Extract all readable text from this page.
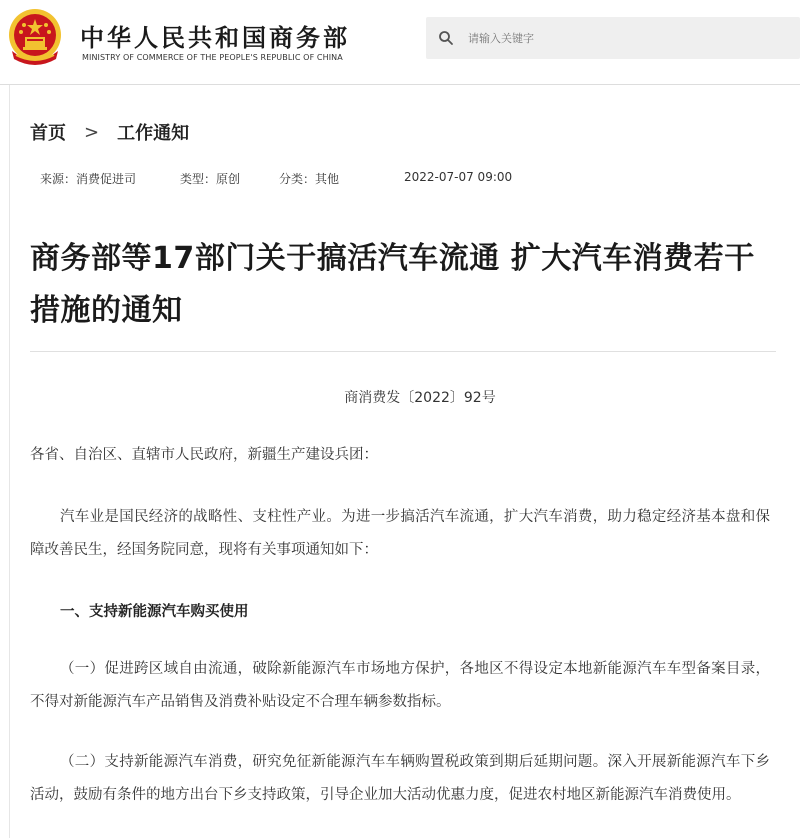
中华人民共和国商务部
MINISTRY OF COMMERCE OF THE PEOPLE'S REPUBLIC OF CHINA
请输入关键字
首页 > 工作通知
来源：消费促进司	类型：原创	分类：其他	2022-07-07 09:00
商务部等17部门关于搞活汽车流通 扩大汽车消费若干措施的通知
商消费发〔2022〕92号

各省、自治区、直辖市人民政府，新疆生产建设兵团：

汽车业是国民经济的战略性、支柱性产业。为进一步搞活汽车流通，扩大汽车消费，助力稳定经济基本盘和保障改善民生，经国务院同意，现将有关事项通知如下：

一、支持新能源汽车购买使用

（一）促进跨区域自由流通，破除新能源汽车市场地方保护，各地区不得设定本地新能源汽车车型备案目录，不得对新能源汽车产品销售及消费补贴设定不合理车辆参数指标。

（二）支持新能源汽车消费，研究免征新能源汽车车辆购置税政策到期后延期问题。深入开展新能源汽车下乡活动，鼓励有条件的地方出台下乡支持政策，引导企业加大活动优惠力度，促进农村地区新能源汽车消费使用。
